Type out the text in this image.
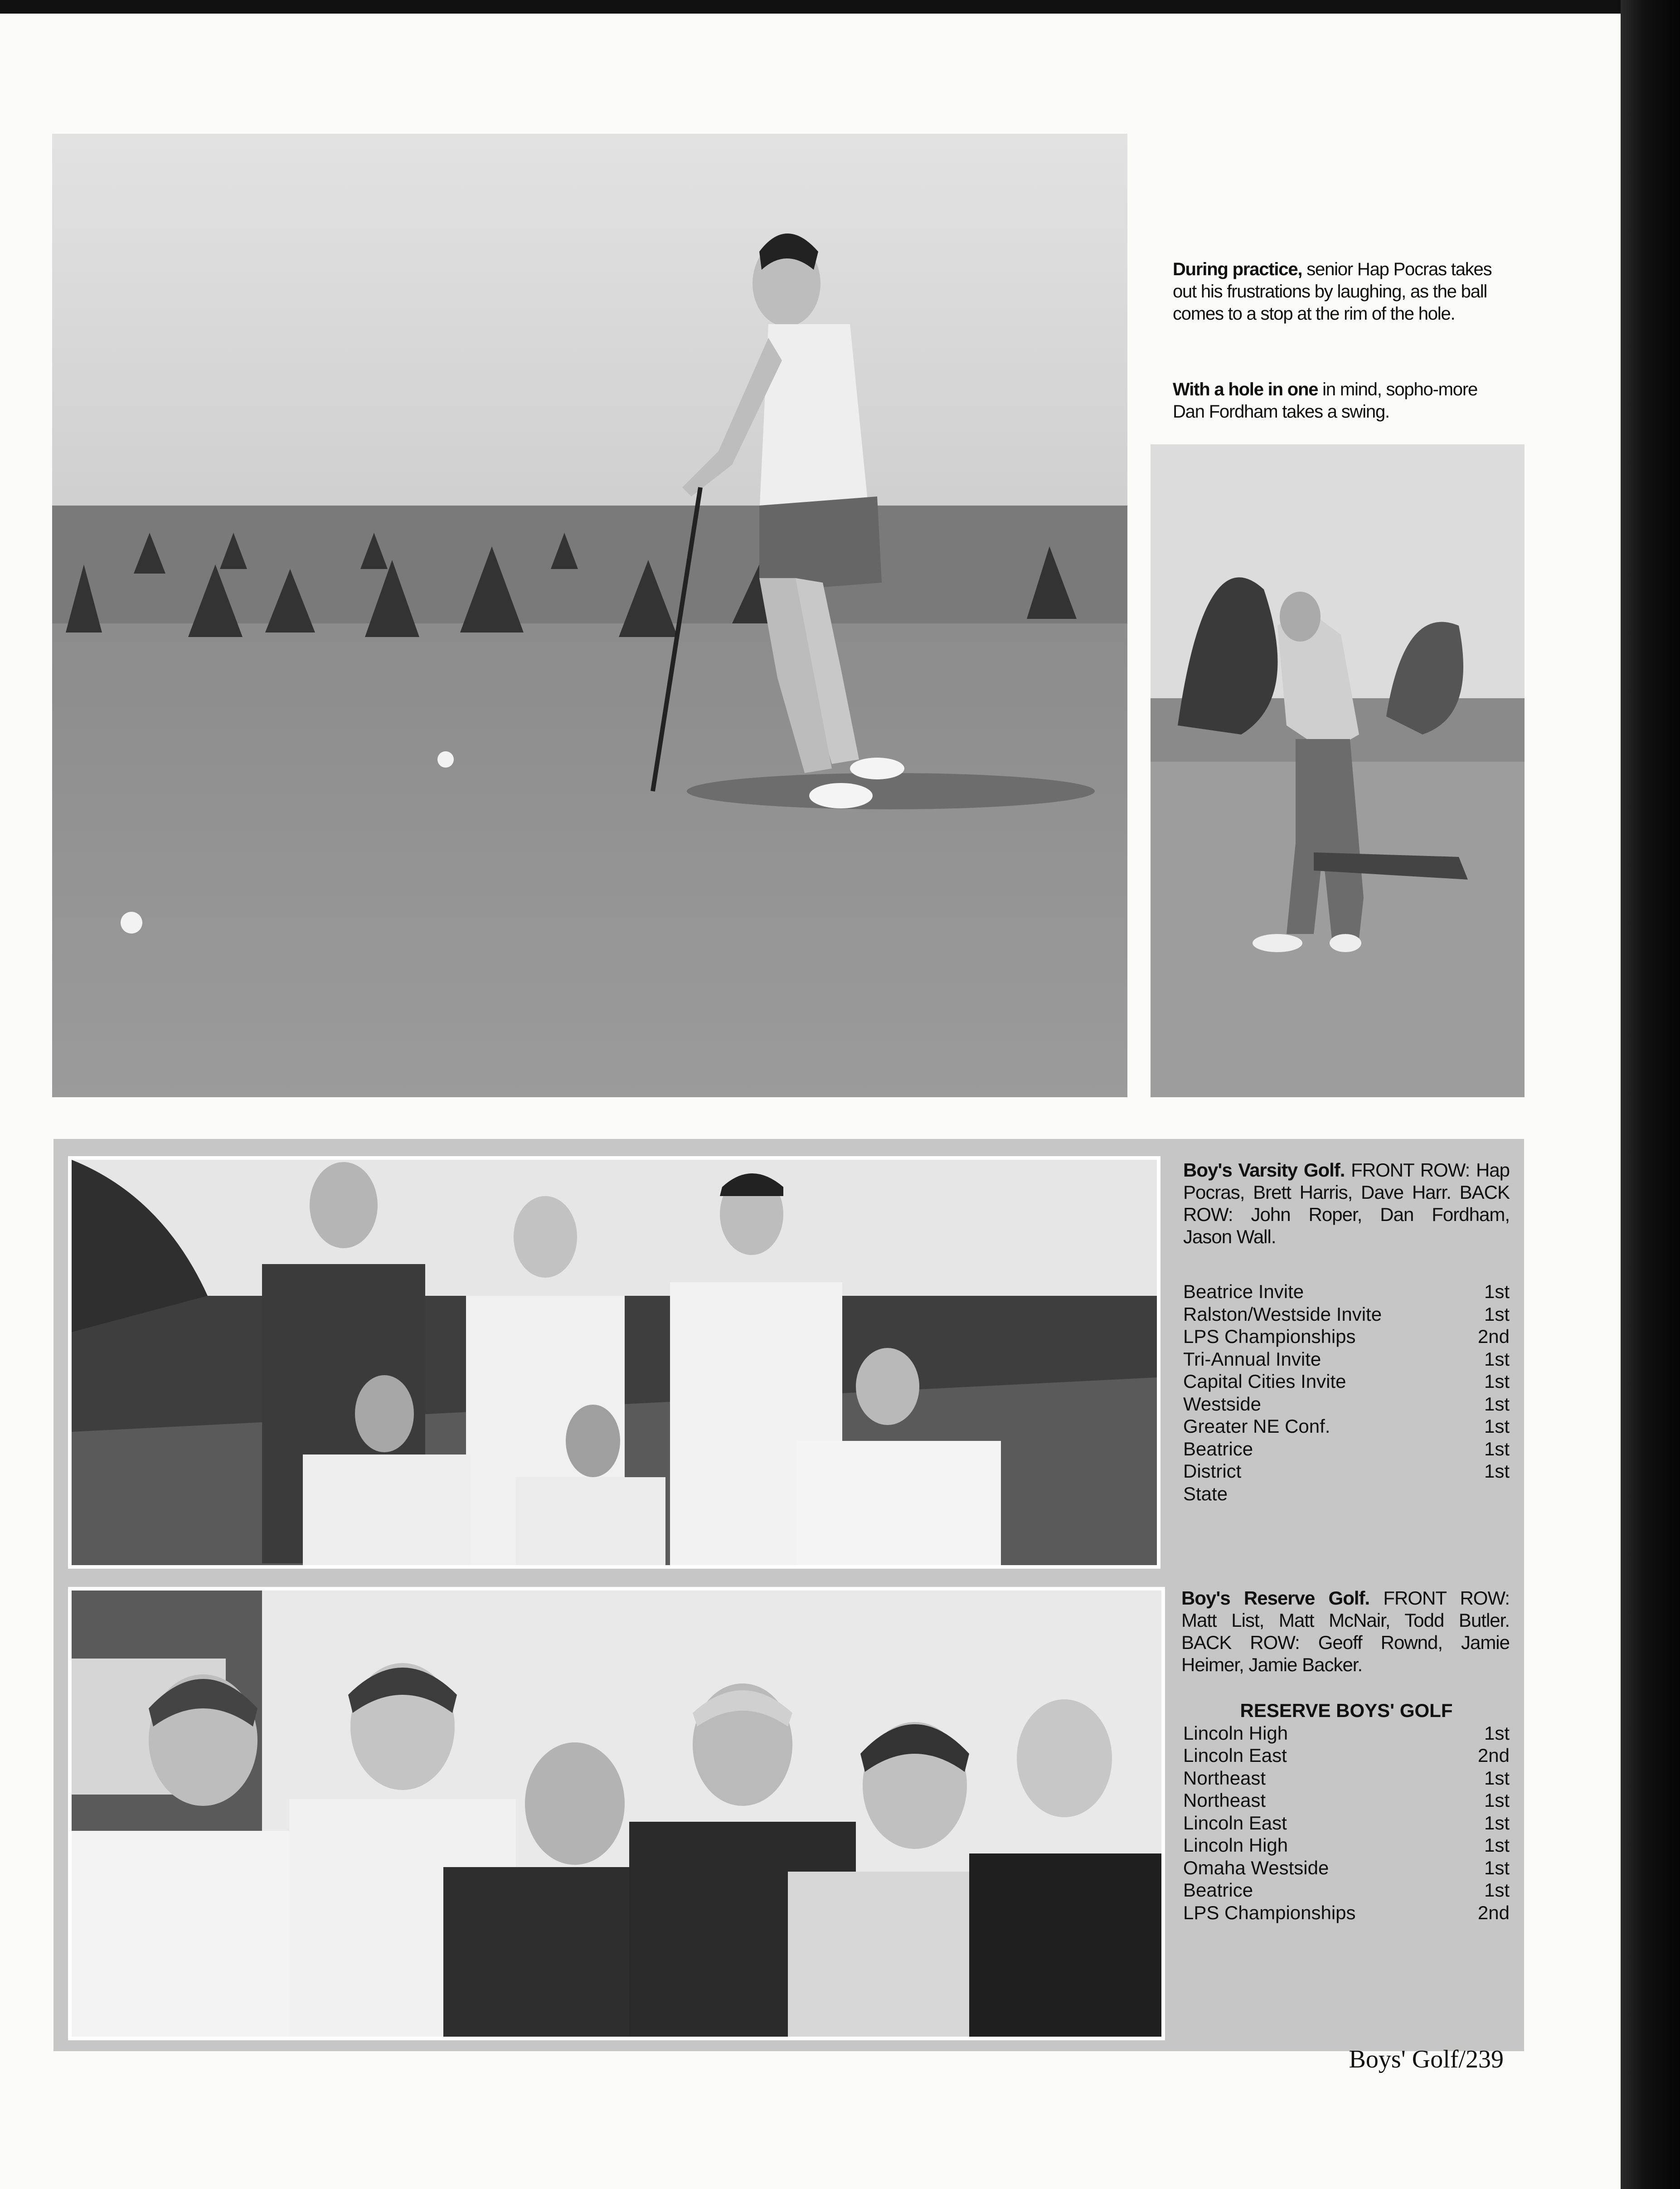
During practice, senior Hap Pocras takes out his frustrations by laughing, as the ball comes to a stop at the rim of the hole.
With a hole in one in mind, sopho-more Dan Fordham takes a swing.
Boy's Varsity Golf. FRONT ROW: Hap Pocras, Brett Harris, Dave Harr. BACK ROW: John Roper, Dan Fordham, Jason Wall.
Beatrice Invite	1st
Ralston/Westside Invite	1st
LPS Championships	2nd
Tri-Annual Invite	1st
Capital Cities Invite	1st
Westside	1st
Greater NE Conf.	1st
Beatrice	1st
District	1st
State
Boy's Reserve Golf. FRONT ROW: Matt List, Matt McNair, Todd Butler. BACK ROW: Geoff Rownd, Jamie Heimer, Jamie Backer.
RESERVE BOYS' GOLF
Lincoln High	1st
Lincoln East	2nd
Northeast	1st
Northeast	1st
Lincoln East	1st
Lincoln High	1st
Omaha Westside	1st
Beatrice	1st
LPS Championships	2nd
Boys' Golf/239
